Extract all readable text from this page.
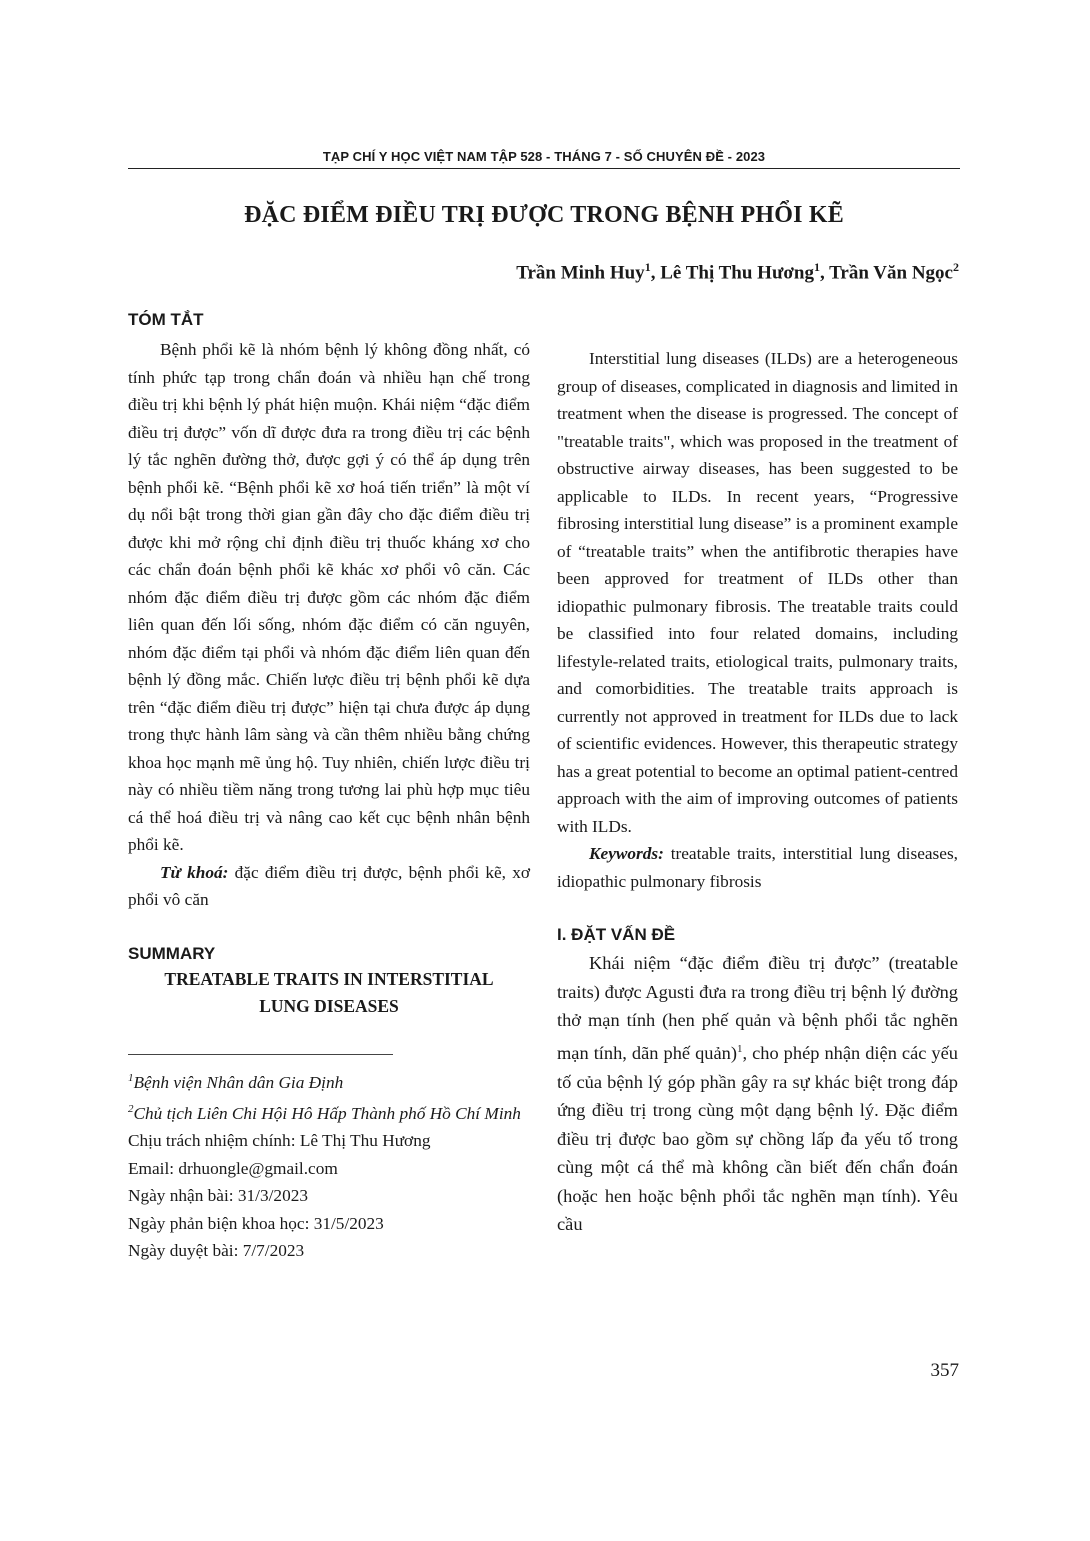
TẠP CHÍ Y HỌC VIỆT NAM TẬP 528 - THÁNG 7 - SỐ CHUYÊN ĐỀ - 2023
ĐẶC ĐIỂM ĐIỀU TRỊ ĐƯỢC TRONG BỆNH PHỔI KẼ
Trần Minh Huy$^1$, Lê Thị Thu Hương$^1$, Trần Văn Ngọc$^2$
TÓM TẮT

Bệnh phổi kẽ là nhóm bệnh lý không đồng nhất, có tính phức tạp trong chẩn đoán và nhiều hạn chế trong điều trị khi bệnh lý phát hiện muộn. Khái niệm “đặc điểm điều trị được” vốn dĩ được đưa ra trong điều trị các bệnh lý tắc nghẽn đường thở, được gợi ý có thể áp dụng trên bệnh phổi kẽ. “Bệnh phổi kẽ xơ hoá tiến triển” là một ví dụ nổi bật trong thời gian gần đây cho đặc điểm điều trị được khi mở rộng chỉ định điều trị thuốc kháng xơ cho các chẩn đoán bệnh phổi kẽ khác xơ phổi vô căn. Các nhóm đặc điểm điều trị được gồm các nhóm đặc điểm liên quan đến lối sống, nhóm đặc điểm có căn nguyên, nhóm đặc điểm tại phổi và nhóm đặc điểm liên quan đến bệnh lý đồng mắc. Chiến lược điều trị bệnh phổi kẽ dựa trên “đặc điểm điều trị được” hiện tại chưa được áp dụng trong thực hành lâm sàng và cần thêm nhiều bằng chứng khoa học mạnh mẽ ủng hộ. Tuy nhiên, chiến lược điều trị này có nhiều tiềm năng trong tương lai phù hợp mục tiêu cá thể hoá điều trị và nâng cao kết cục bệnh nhân bệnh phổi kẽ.

Từ khoá: đặc điểm điều trị được, bệnh phổi kẽ, xơ phổi vô căn

SUMMARY

TREATABLE TRAITS IN INTERSTITIAL
LUNG DISEASES

$^1$Bệnh viện Nhân dân Gia Định

$^2$Chủ tịch Liên Chi Hội Hô Hấp Thành phố Hồ Chí Minh

Chịu trách nhiệm chính: Lê Thị Thu Hương

Email: drhuongle@gmail.com

Ngày nhận bài: 31/3/2023

Ngày phản biện khoa học: 31/5/2023

Ngày duyệt bài: 7/7/2023

Interstitial lung diseases (ILDs) are a heterogeneous group of diseases, complicated in diagnosis and limited in treatment when the disease is progressed. The concept of "treatable traits", which was proposed in the treatment of obstructive airway diseases, has been suggested to be applicable to ILDs. In recent years, “Progressive fibrosing interstitial lung disease” is a prominent example of “treatable traits” when the antifibrotic therapies have been approved for treatment of ILDs other than idiopathic pulmonary fibrosis. The treatable traits could be classified into four related domains, including lifestyle-related traits, etiological traits, pulmonary traits, and comorbidities. The treatable traits approach is currently not approved in treatment for ILDs due to lack of scientific evidences. However, this therapeutic strategy has a great potential to become an optimal patient-centred approach with the aim of improving outcomes of patients with ILDs.

Keywords: treatable traits, interstitial lung diseases, idiopathic pulmonary fibrosis

I. ĐẶT VẤN ĐỀ

Khái niệm “đặc điểm điều trị được” (treatable traits) được Agusti đưa ra trong điều trị bệnh lý đường thở mạn tính (hen phế quản và bệnh phổi tắc nghẽn mạn tính, dãn phế quản)$^1$, cho phép nhận diện các yếu tố của bệnh lý góp phần gây ra sự khác biệt trong đáp ứng điều trị trong cùng một dạng bệnh lý. Đặc điểm điều trị được bao gồm sự chồng lấp đa yếu tố trong cùng một cá thể mà không cần biết đến chẩn đoán (hoặc hen hoặc bệnh phổi tắc nghẽn mạn tính). Yêu cầu

357
